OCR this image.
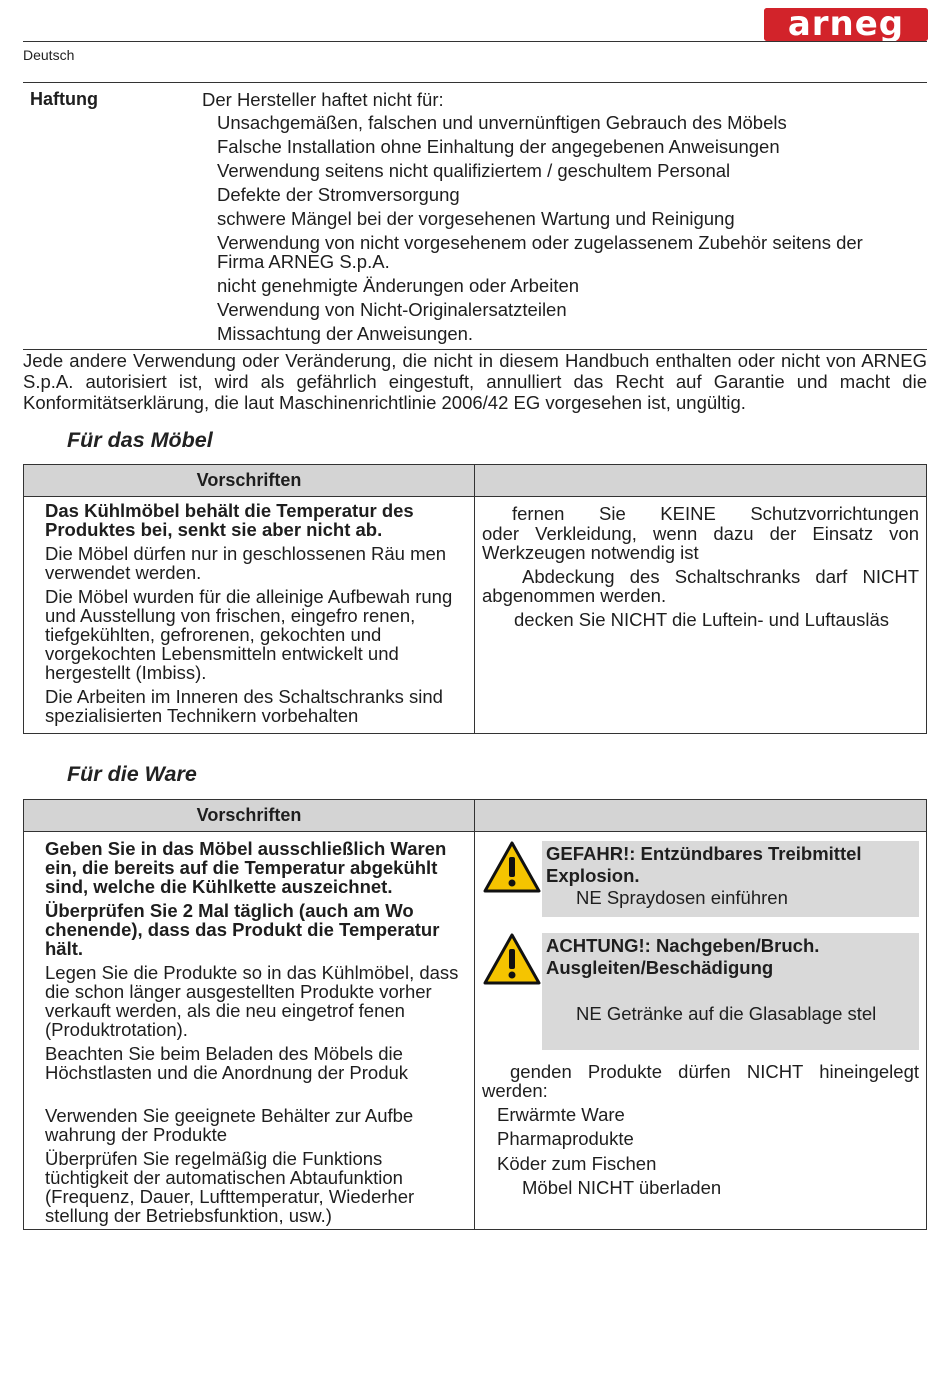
arneg
Deutsch
Haftung	Der Hersteller haftet nicht für:
Unsachgemäßen, falschen und unvernünftigen Gebrauch des Möbels
Falsche Installation ohne Einhaltung der angegebenen Anweisungen
Verwendung seitens nicht qualifiziertem / geschultem Personal
Defekte der Stromversorgung
schwere Mängel bei der vorgesehenen Wartung und Reinigung
Verwendung von nicht vorgesehenem oder zugelassenem Zubehör seitens der Firma ARNEG S.p.A.
nicht genehmigte Änderungen oder Arbeiten
Verwendung von Nicht-Originalersatzteilen
Missachtung der Anweisungen.
Jede andere Verwendung oder Veränderung, die nicht in diesem Handbuch enthalten oder nicht von ARNEG S.p.A. autorisiert ist, wird als gefährlich eingestuft, annulliert das Recht auf Garantie und macht die Konformitätserklärung, die laut Maschinenrichtlinie 2006/42 EG vorgesehen ist, ungültig.
Für das Möbel
Vorschriften
Das Kühlmöbel behält die Temperatur des Produktes bei, senkt sie aber nicht ab.
Die Möbel dürfen nur in geschlossenen Räu men verwendet werden.
Die Möbel wurden für die alleinige Aufbewah rung und Ausstellung von frischen, eingefro renen, tiefgekühlten, gefrorenen, gekochten und vorgekochten Lebensmitteln entwickelt und hergestellt (Imbiss).
Die Arbeiten im Inneren des Schaltschranks sind spezialisierten Technikern vorbehalten
fernen Sie KEINE Schutzvorrichtungen
oder Verkleidung, wenn dazu der Einsatz von
Werkzeugen notwendig ist
Abdeckung des Schaltschranks darf NICHT
abgenommen werden.
decken Sie NICHT die Luftein- und Luftausläs
Für die Ware
Vorschriften
Geben Sie in das Möbel ausschließlich Waren ein, die bereits auf die Temperatur abgekühlt sind, welche die Kühlkette auszeichnet.
Überprüfen Sie 2 Mal täglich (auch am Wo chenende), dass das Produkt die Temperatur hält.
Legen Sie die Produkte so in das Kühlmöbel, dass die schon länger ausgestellten Produkte vorher verkauft werden, als die neu eingetrof fenen (Produktrotation).
Beachten Sie beim Beladen des Möbels die Höchstlasten und die Anordnung der Produk
Verwenden Sie geeignete Behälter zur Aufbe wahrung der Produkte
Überprüfen Sie regelmäßig die Funktions tüchtigkeit der automatischen Abtaufunktion (Frequenz, Dauer, Lufttemperatur, Wiederher stellung der Betriebsfunktion, usw.)
GEFAHR!: Entzündbares Treibmittel
Explosion.
NE Spraydosen einführen
ACHTUNG!: Nachgeben/Bruch.
Ausgleiten/Beschädigung
NE Getränke auf die Glasablage stel
genden Produkte dürfen NICHT hineingelegt
werden:
Erwärmte Ware
Pharmaprodukte
Köder zum Fischen
Möbel NICHT überladen
